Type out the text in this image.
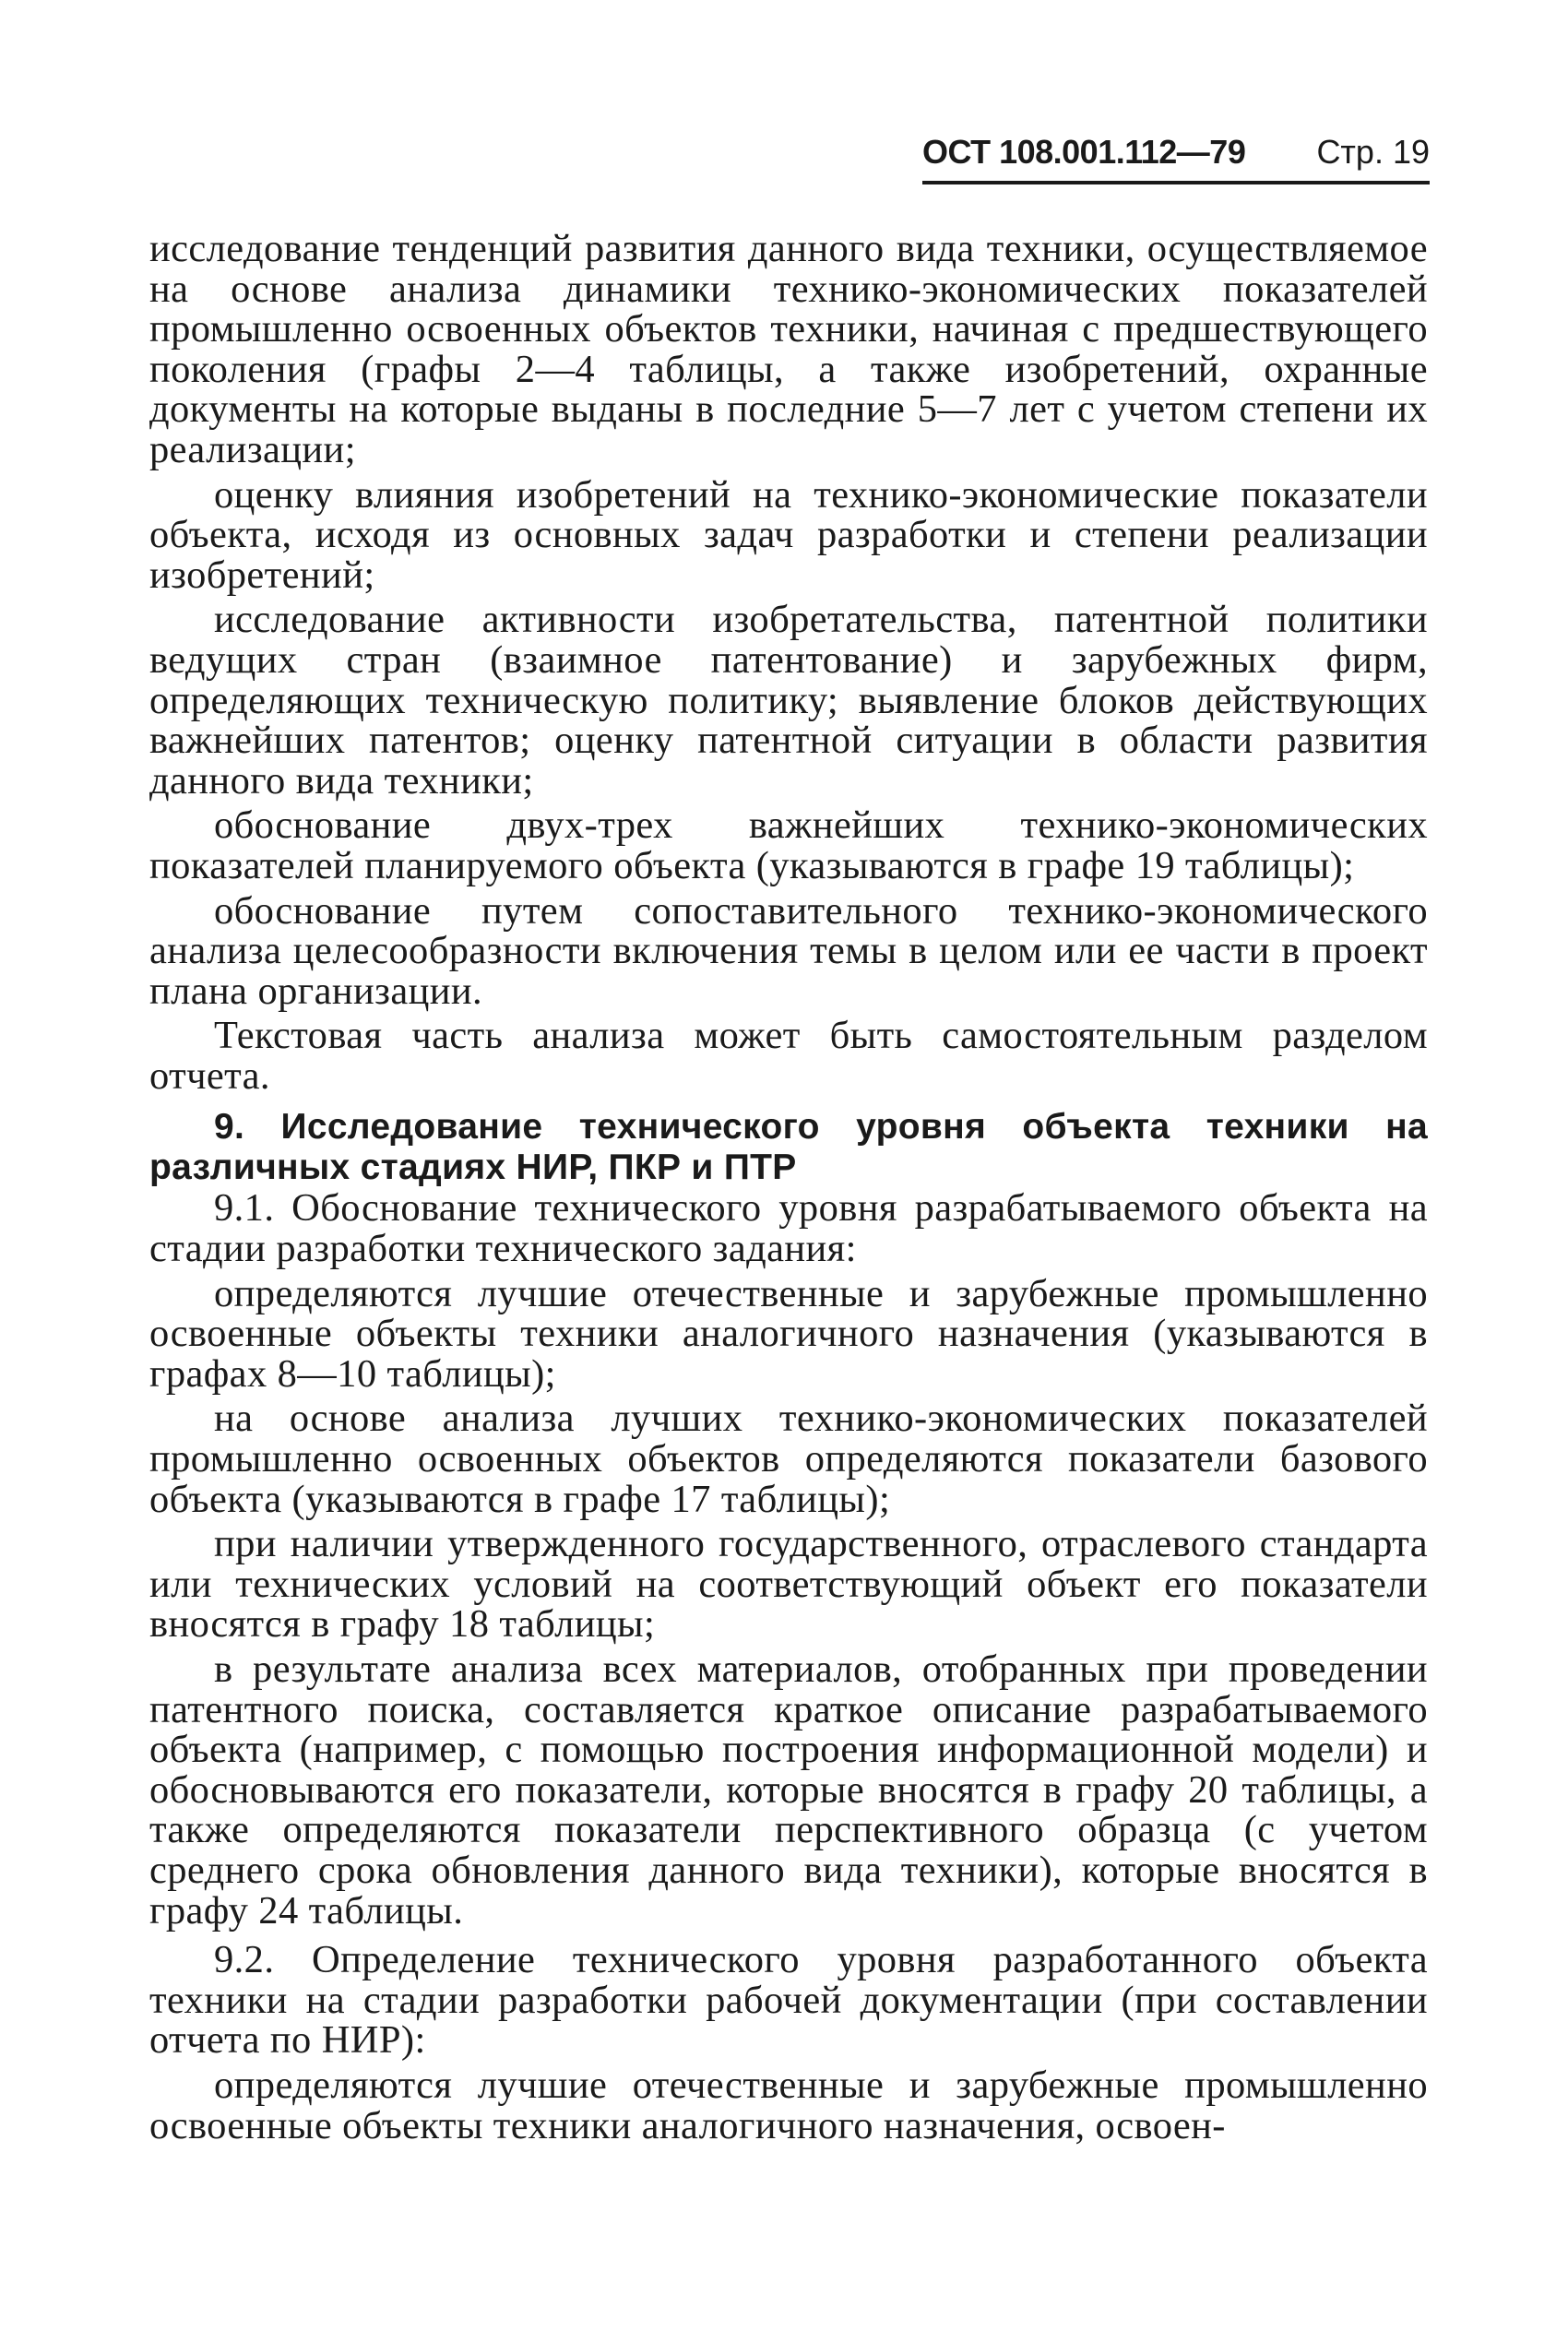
ОСТ 108.001.112—79 Стр. 19

исследование тенденций развития данного вида техники, осуществляемое на основе анализа динамики технико-экономических показателей промышленно освоенных объектов техники, начиная с предшествующего поколения (графы 2—4 таблицы, а также изобретений, охранные документы на которые выданы в последние 5—7 лет с учетом степени их реализации;

оценку влияния изобретений на технико-экономические показатели объекта, исходя из основных задач разработки и степени реализации изобретений;

исследование активности изобретательства, патентной политики ведущих стран (взаимное патентование) и зарубежных фирм, определяющих техническую политику; выявление блоков действующих важнейших патентов; оценку патентной ситуации в области развития данного вида техники;

обоснование двух-трех важнейших технико-экономических показателей планируемого объекта (указываются в графе 19 таблицы);

обоснование путем сопоставительного технико-экономического анализа целесообразности включения темы в целом или ее части в проект плана организации.

Текстовая часть анализа может быть самостоятельным разделом отчета.

9. Исследование технического уровня объекта техники на различных стадиях НИР, ПКР и ПТР

9.1. Обоснование технического уровня разрабатываемого объекта на стадии разработки технического задания:

определяются лучшие отечественные и зарубежные промышленно освоенные объекты техники аналогичного назначения (указываются в графах 8—10 таблицы);

на основе анализа лучших технико-экономических показателей промышленно освоенных объектов определяются показатели базового объекта (указываются в графе 17 таблицы);

при наличии утвержденного государственного, отраслевого стандарта или технических условий на соответствующий объект его показатели вносятся в графу 18 таблицы;

в результате анализа всех материалов, отобранных при проведении патентного поиска, составляется краткое описание разрабатываемого объекта (например, с помощью построения информационной модели) и обосновываются его показатели, которые вносятся в графу 20 таблицы, а также определяются показатели перспективного образца (с учетом среднего срока обновления данного вида техники), которые вносятся в графу 24 таблицы.

9.2. Определение технического уровня разработанного объекта техники на стадии разработки рабочей документации (при составлении отчета по НИР):

определяются лучшие отечественные и зарубежные промышленно освоенные объекты техники аналогичного назначения, освоен-
